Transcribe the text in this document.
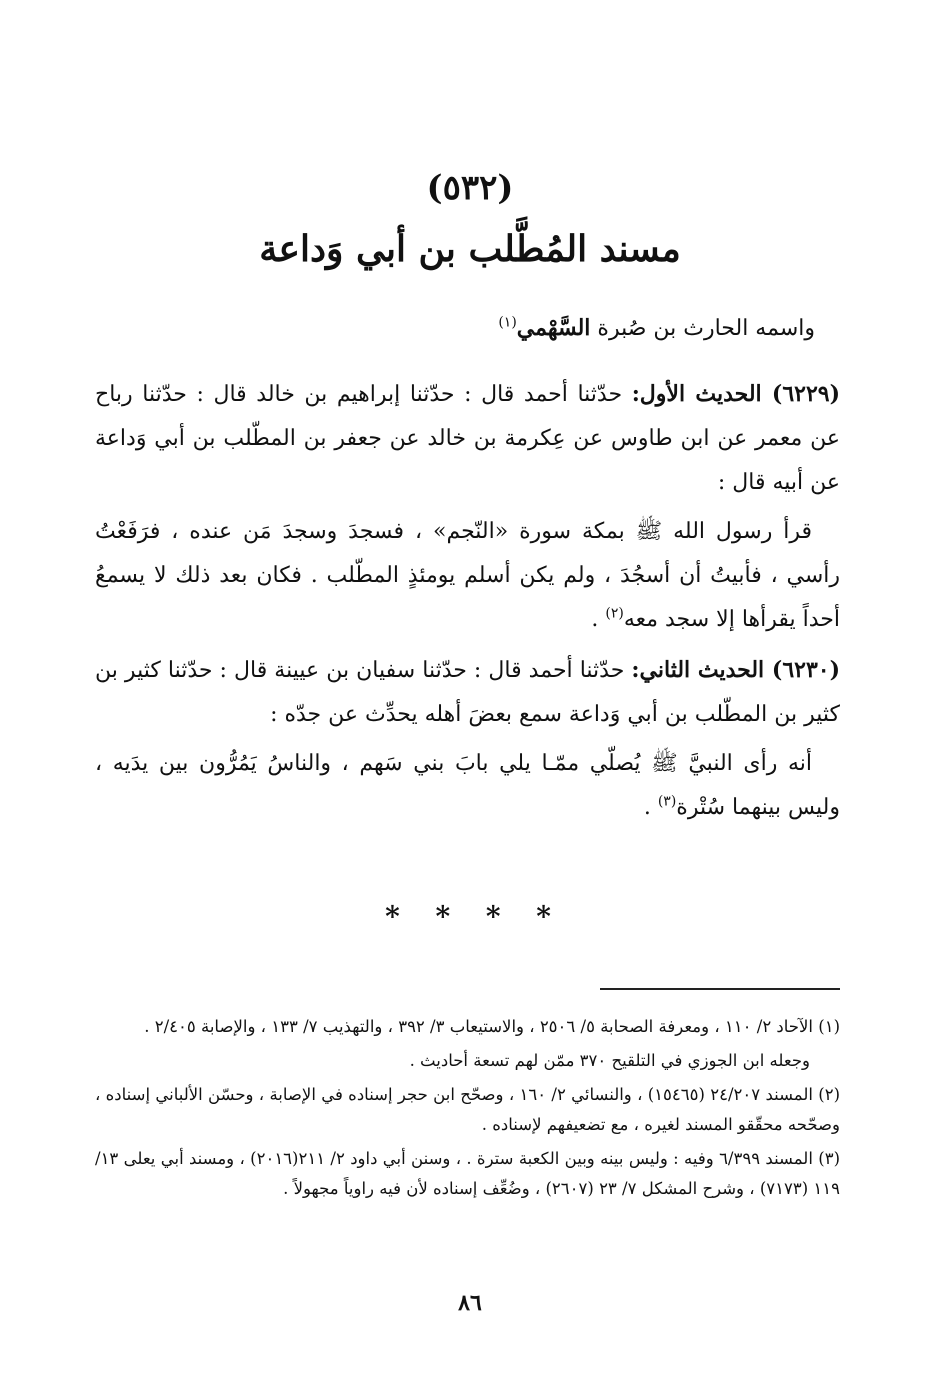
(٥٣٢)
مسند المُطَّلب بن أبي وَداعة
واسمه الحارث بن صُبرة السَّهْمي$^{(١)}$
(٦٢٢٩) الحديث الأول: حدّثنا أحمد قال : حدّثنا إبراهيم بن خالد قال : حدّثنا رباح عن معمر عن ابن طاوس عن عِكرمة بن خالد عن جعفر بن المطّلب بن أبي وَداعة عن أبيه قال :
قرأ رسول الله ﷺ بمكة سورة «النّجم» ، فسجدَ وسجدَ مَن عنده ، فرَفَعْتُ رأسي ، فأبيتُ أن أسجُدَ ، ولم يكن أسلم يومئذٍ المطّلب . فكان بعد ذلك لا يسمعُ أحداً يقرأها إلا سجد معه$^{(٢)}$ .
(٦٢٣٠) الحديث الثاني: حدّثنا أحمد قال : حدّثنا سفيان بن عيينة قال : حدّثنا كثير بن كثير بن المطّلب بن أبي وَداعة سمع بعضَ أهله يحدِّث عن جدّه :
أنه رأى النبيَّ ﷺ يُصلّي ممّـا يلي بابَ بني سَهم ، والناسُ يَمُرُّون بين يدَيه ، وليس بينهما سُتْرة$^{(٣)}$ .
* * * *
(١) الآحاد ٢/ ١١٠ ، ومعرفة الصحابة ٥/ ٢٥٠٦ ، والاستيعاب ٣/ ٣٩٢ ، والتهذيب ٧/ ١٣٣ ، والإصابة ٢/٤٠٥ .
وجعله ابن الجوزي في التلقيح ٣٧٠ ممّن لهم تسعة أحاديث .
(٢) المسند ٢٤/٢٠٧ (١٥٤٦٥) ، والنسائي ٢/ ١٦٠ ، وصحّح ابن حجر إسناده في الإصابة ، وحسّن الألباني إسناده ، وصحّحه محقّقو المسند لغيره ، مع تضعيفهم لإسناده .
(٣) المسند ٦/٣٩٩ وفيه : وليس بينه وبين الكعبة سترة . ، وسنن أبي داود ٢/ ٢١١(٢٠١٦) ، ومسند أبي يعلى ١٣/ ١١٩ (٧١٧٣) ، وشرح المشكل ٧/ ٢٣ (٢٦٠٧) ، وضُعِّف إسناده لأن فيه راوياً مجهولاً .
٨٦
